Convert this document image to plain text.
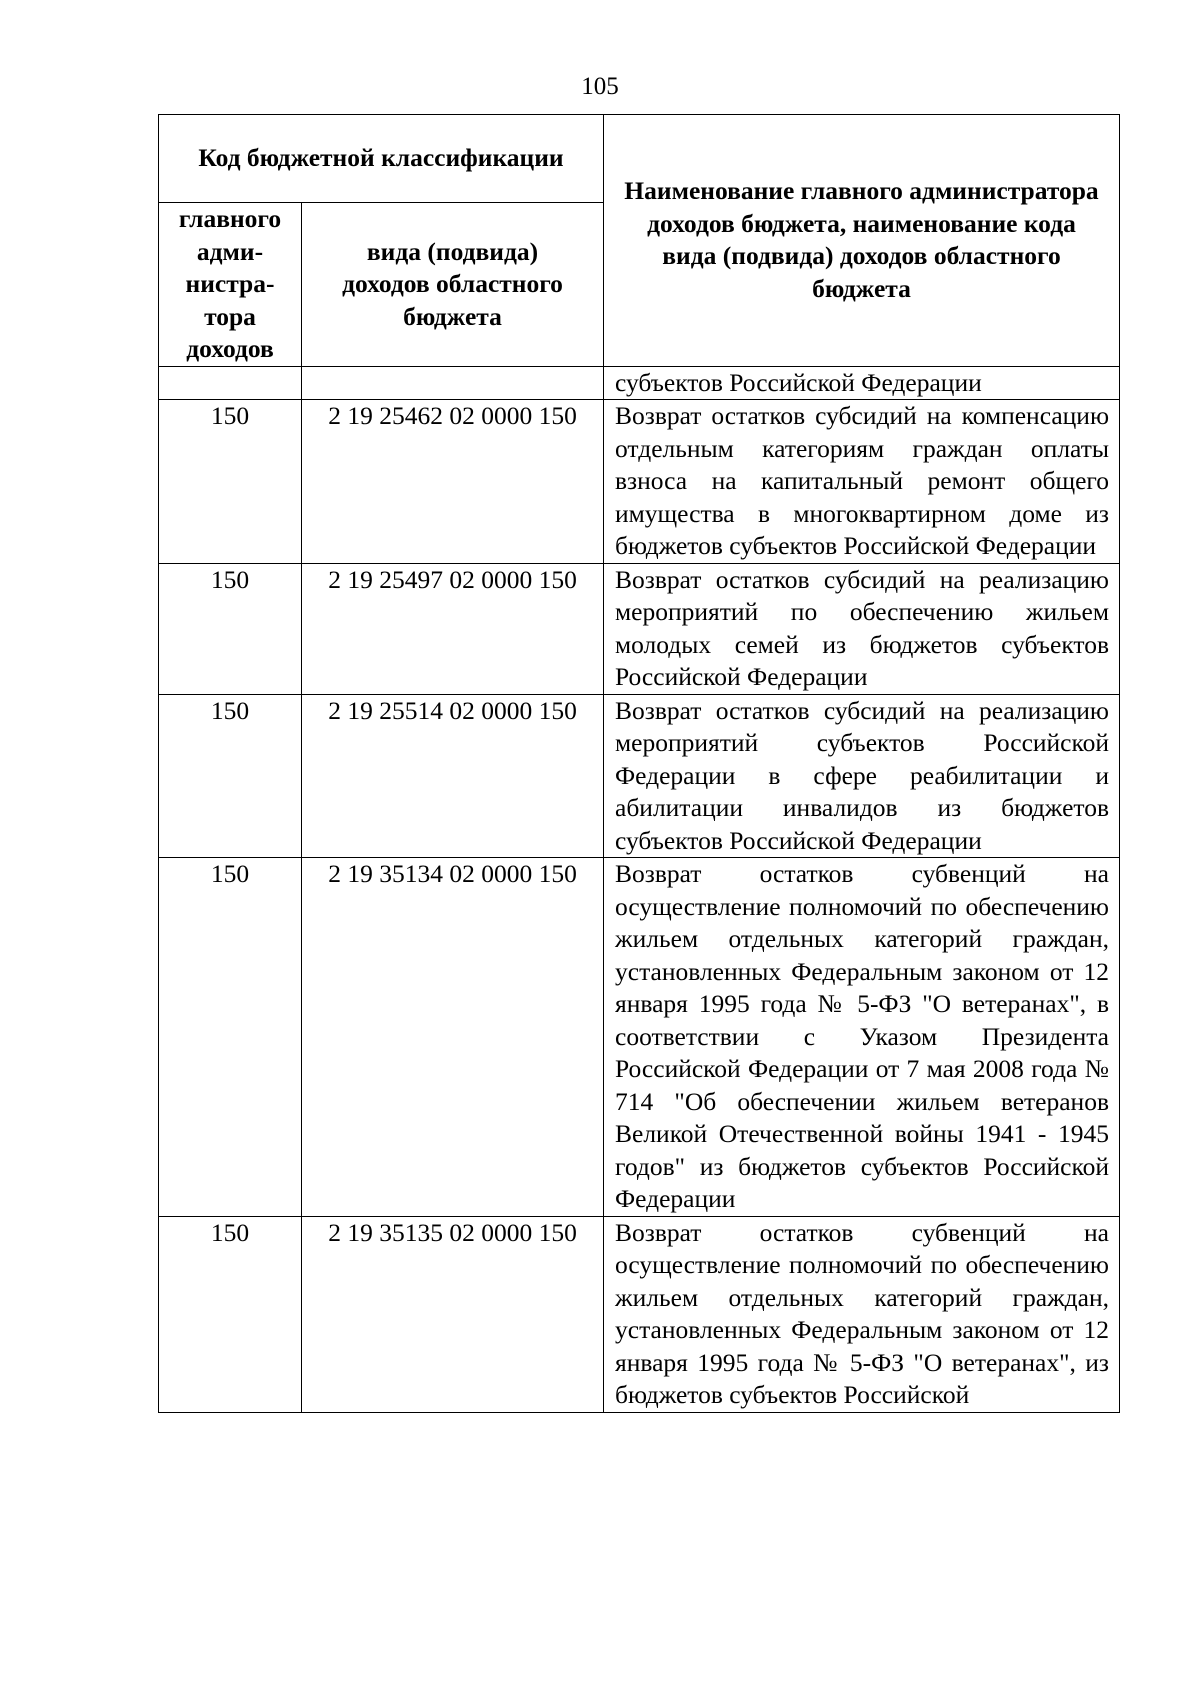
105
Код бюджетной классификации		Наименование главного администратора доходов бюджета, наименование кода вида (подвида) доходов областного бюджета
главного адми- нистра- тора доходов	вида (подвида) доходов областного бюджета	
		субъектов Российской Федерации
150	2 19 25462 02 0000 150	Возврат остатков субсидий на компенсацию отдельным категориям граждан оплаты взноса на капитальный ремонт общего имущества в многоквартирном доме из бюджетов субъектов Российской Федерации
150	2 19 25497 02 0000 150	Возврат остатков субсидий на реализацию мероприятий по обеспечению жильем молодых семей из бюджетов субъектов Российской Федерации
150	2 19 25514 02 0000 150	Возврат остатков субсидий на реализацию мероприятий субъектов Российской Федерации в сфере реабилитации и абилитации инвалидов из бюджетов субъектов Российской Федерации
150	2 19 35134 02 0000 150	Возврат остатков субвенций на осуществление полномочий по обеспечению жильем отдельных категорий граждан, установленных Федеральным законом от 12 января 1995 года № 5-ФЗ "О ветеранах", в соответствии с Указом Президента Российской Федерации от 7 мая 2008 года № 714 "Об обеспечении жильем ветеранов Великой Отечественной войны 1941 - 1945 годов" из бюджетов субъектов Российской Федерации
150	2 19 35135 02 0000 150	Возврат остатков субвенций на осуществление полномочий по обеспечению жильем отдельных категорий граждан, установленных Федеральным законом от 12 января 1995 года № 5-ФЗ "О ветеранах", из бюджетов субъектов Российской
